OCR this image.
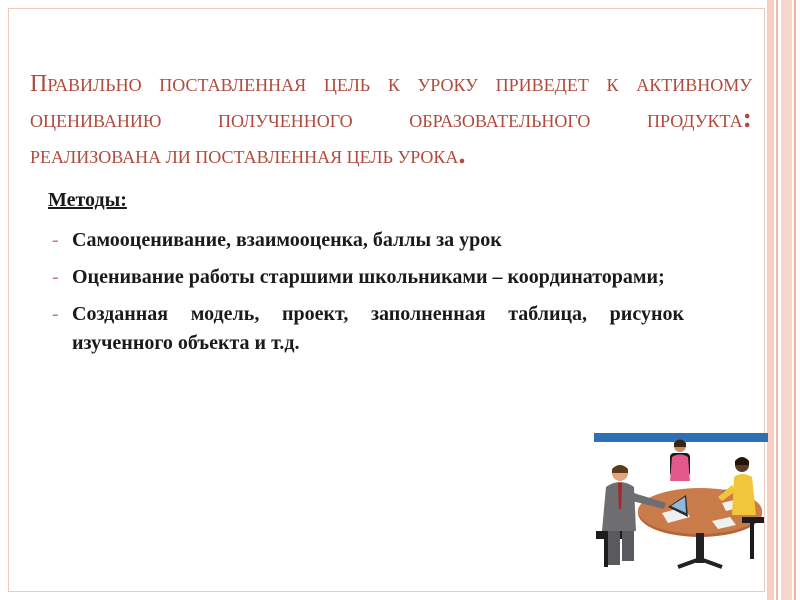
ПРАВИЛЬНО ПОСТАВЛЕННАЯ ЦЕЛЬ К УРОКУ ПРИВЕДЕТ К АКТИВНОМУ
ОЦЕНИВАНИЮ ПОЛУЧЕННОГО ОБРАЗОВАТЕЛЬНОГО ПРОДУКТА:
РЕАЛИЗОВАНА ЛИ ПОСТАВЛЕННАЯ ЦЕЛЬ УРОКА.
Методы:
- Самооценивание, взаимооценка, баллы за урок
- Оценивание работы старшими школьниками – координаторами;
- Созданная модель, проект, заполненная таблица, рисунок изученного объекта и т.д.
